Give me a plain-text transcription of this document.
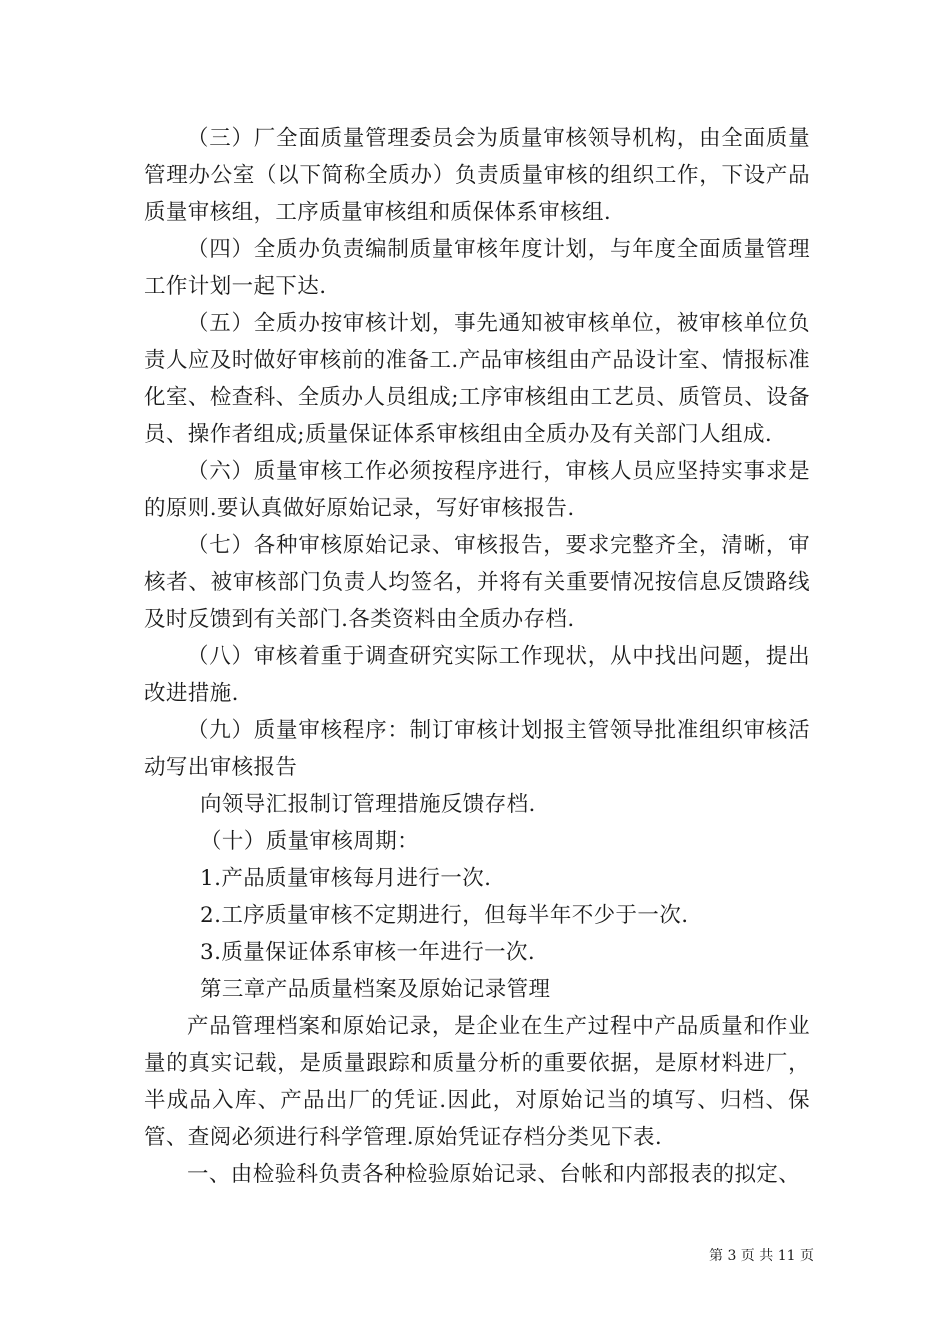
（三）厂全面质量管理委员会为质量审核领导机构，由全面质量管理办公室（以下简称全质办）负责质量审核的组织工作，下设产品质量审核组，工序质量审核组和质保体系审核组.

（四）全质办负责编制质量审核年度计划，与年度全面质量管理工作计划一起下达.

（五）全质办按审核计划，事先通知被审核单位，被审核单位负责人应及时做好审核前的准备工.产品审核组由产品设计室、情报标准化室、检查科、全质办人员组成;工序审核组由工艺员、质管员、设备员、操作者组成;质量保证体系审核组由全质办及有关部门人组成.

（六）质量审核工作必须按程序进行，审核人员应坚持实事求是的原则.要认真做好原始记录，写好审核报告.

（七）各种审核原始记录、审核报告，要求完整齐全，清晰，审核者、被审核部门负责人均签名，并将有关重要情况按信息反馈路线及时反馈到有关部门.各类资料由全质办存档.

（八）审核着重于调查研究实际工作现状，从中找出问题，提出改进措施.

（九）质量审核程序：制订审核计划报主管领导批准组织审核活动写出审核报告

向领导汇报制订管理措施反馈存档.

（十）质量审核周期：

1.产品质量审核每月进行一次.

2.工序质量审核不定期进行，但每半年不少于一次.

3.质量保证体系审核一年进行一次.

第三章产品质量档案及原始记录管理

产品管理档案和原始记录，是企业在生产过程中产品质量和作业量的真实记载，是质量跟踪和质量分析的重要依据，是原材料进厂，半成品入库、产品出厂的凭证.因此，对原始记当的填写、归档、保管、查阅必须进行科学管理.原始凭证存档分类见下表.

一、由检验科负责各种检验原始记录、台帐和内部报表的拟定、

第 3 页 共 11 页
